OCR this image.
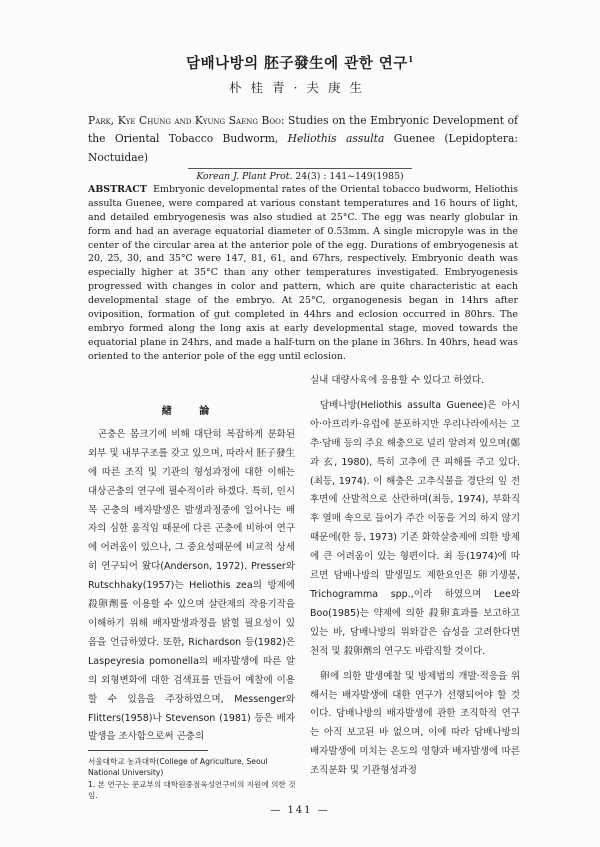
담배나방의 胚子發生에 관한 연구$^1$
朴桂青·夫庚生
Park, Kye Chung and Kyung Saeng Boo: Studies on the Embryonic Development of the Oriental Tobacco Budworm, Heliothis assulta Guenee (Lepidoptera: Noctuidae)
Korean J. Plant Prot. 24(3) : 141~149(1985)
ABSTRACT Embryonic developmental rates of the Oriental tobacco budworm, Heliothis assulta Guenee, were compared at various constant temperatures and 16 hours of light, and detailed embryogenesis was also studied at 25°C. The egg was nearly globular in form and had an average equatorial diameter of 0.53mm. A single micropyle was in the center of the circular area at the anterior pole of the egg. Durations of embryogenesis at 20, 25, 30, and 35°C were 147, 81, 61, and 67hrs, respectively. Embryonic death was especially higher at 35°C than any other temperatures investigated. Embryogenesis progressed with changes in color and pattern, which are quite characteristic at each developmental stage of the embryo. At 25°C, organogenesis began in 14hrs after oviposition, formation of gut completed in 44hrs and eclosion occurred in 80hrs. The embryo formed along the long axis at early developmental stage, moved towards the equatorial plane in 24hrs, and made a half-turn on the plane in 36hrs. In 40hrs, head was oriented to the anterior pole of the egg until eclosion.
緖 論

곤충은 몸크기에 비해 대단히 복잡하게 분화된 외부 및 내부구조를 갖고 있으며, 따라서 胚子發生에 따른 조직 및 기관의 형성과정에 대한 이해는 대상곤충의 연구에 필수적이라 하겠다. 특히, 인시목 곤충의 배자발생은 발생과정중에 일어나는 배자의 심한 움직임 때문에 다른 곤충에 비하여 연구에 어려움이 있으나, 그 중요성때문에 비교적 상세히 연구되어 왔다(Anderson, 1972). Presser와 Rutschhaky(1957)는 Heliothis zea의 방제에 殺卵劑를 이용할 수 있으며 살란제의 작용기작을 이해하기 위해 배자발생과정을 밝힐 필요성이 있음을 언급하였다. 또한, Richardson 등(1982)은 Laspeyresia pomonella의 배자발생에 따른 알의 외형변화에 대한 검색표를 만들어 예찰에 이용할 수 있음을 주장하였으며, Messenger와 Flitters(1958)나 Stevenson (1981) 등은 배자발생을 조사함으로써 곤충의

실내 대량사육에 응용할 수 있다고 하였다.

담배나방(Heliothis assulta Guenee)은 아시아·아프리카·유럽에 분포하지만 우리나라에서는 고추·담배 등의 주요 해충으로 널리 알려져 있으며(鄭과 玄, 1980), 특히 고추에 큰 피해를 주고 있다. (최등, 1974). 이 해충은 고추식물을 경단의 잎 전후면에 산발적으로 산란하며(최등, 1974), 부화직후 열매 속으로 들어가 주간 이동을 거의 하지 않기 때문에(한 등, 1973) 기존 화학살충제에 의한 방제에 큰 어려움이 있는 형편이다. 최 등(1974)에 따르면 담배나방의 발생밀도 제한요인은 卵기생봉, Trichogramma spp.,이라 하였으며 Lee와 Boo(1985)는 약제에 의한 殺卵효과를 보고하고 있는 바, 담배나방의 위와같은 습성을 고려한다면 천적 및 殺卵劑의 연구도 바람직할 것이다.

卵에 의한 발생예찰 및 방제법의 개발·적응을 위해서는 배자발생에 대한 연구가 선행되어야 할 것이다. 담배나방의 배자발생에 관한 조직학적 연구는 아직 보고된 바 없으며, 이에 따라 담배나방의 배자발생에 미치는 온도의 영향과 배자발생에 따른 조직분화 및 기관형성과정

서울대학교 농과대학(College of Agriculture, Seoul National University)
1. 본 연구는 문교부의 대학원중점육성연구비의 지원에 의한 것임.
— 141 —
